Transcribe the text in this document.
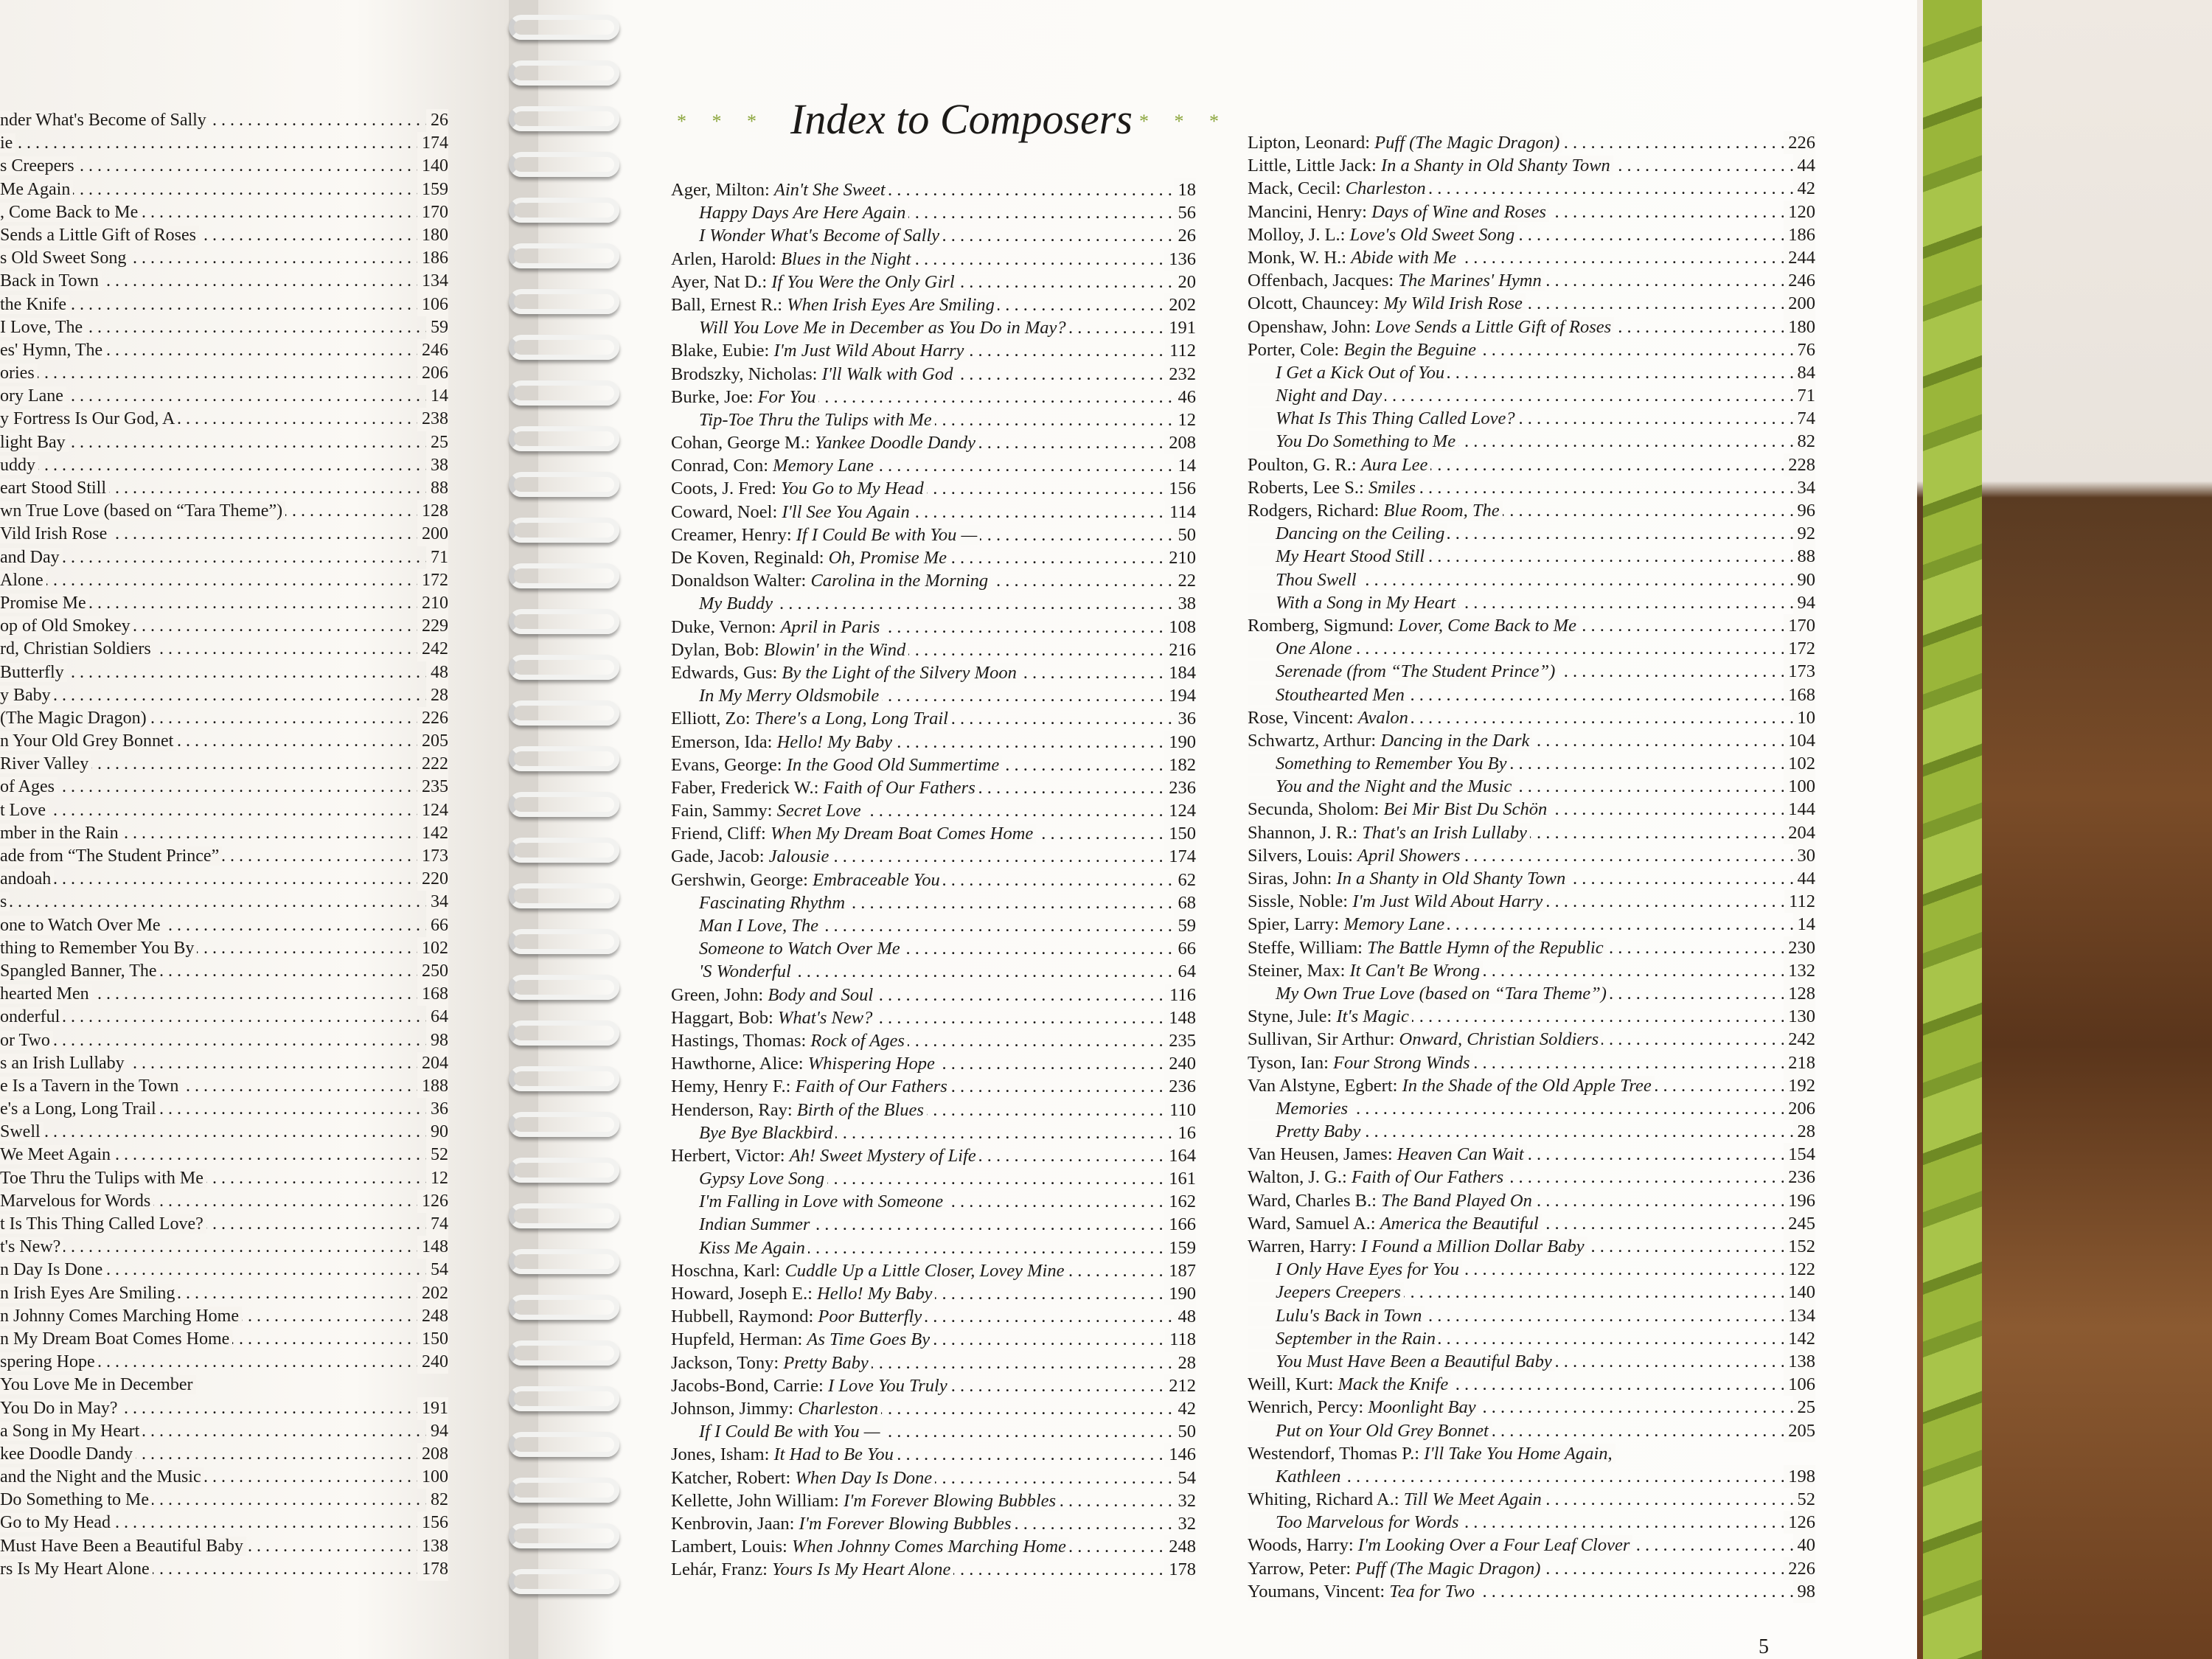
. . .
nder What's Become of Sally	26
. . .
ie	174
. . .
s Creepers	140
. . .
Me Again	159
. . .
, Come Back to Me	170
. . .
Sends a Little Gift of Roses	180
. . .
s Old Sweet Song	186
. . .
Back in Town	134
. . .
the Knife	106
. . .
I Love, The	59
. . .
es' Hymn, The	246
. . .
ories	206
. . .
ory Lane	14
. . .
y Fortress Is Our God, A	238
. . .
light Bay	25
. . .
uddy	38
. . .
eart Stood Still	88
. . .
wn True Love (based on “Tara Theme”)	128
. . .
Vild Irish Rose	200
. . .
and Day	71
. . .
Alone	172
. . .
Promise Me	210
. . .
op of Old Smokey	229
. . .
rd, Christian Soldiers	242
. . .
Butterfly	48
. . .
y Baby	28
. . .
(The Magic Dragon)	226
. . .
n Your Old Grey Bonnet	205
. . .
River Valley	222
. . .
of Ages	235
. . .
t Love	124
. . .
mber in the Rain	142
. . .
ade from “The Student Prince”	173
. . .
andoah	220
. . .
s	34
. . .
one to Watch Over Me	66
. . .
thing to Remember You By	102
. . .
Spangled Banner, The	250
. . .
hearted Men	168
. . .
onderful	64
. . .
or Two	98
. . .
s an Irish Lullaby	204
. . .
e Is a Tavern in the Town	188
. . .
e's a Long, Long Trail	36
. . .
Swell	90
. . .
We Meet Again	52
. . .
Toe Thru the Tulips with Me	12
. . .
Marvelous for Words	126
. . .
t Is This Thing Called Love?	74
. . .
t's New?	148
. . .
n Day Is Done	54
. . .
n Irish Eyes Are Smiling	202
. . .
n Johnny Comes Marching Home	248
. . .
n My Dream Boat Comes Home	150
. . .
spering Hope	240
You Love Me in December
. . .
You Do in May?	191
. . .
a Song in My Heart	94
. . .
kee Doodle Dandy	208
. . .
and the Night and the Music	100
. . .
Do Something to Me	82
. . .
Go to My Head	156
. . .
Must Have Been a Beautiful Baby	138
. . .
rs Is My Heart Alone	178
* * * Index to Composers * * *
. . .
Ager, Milton: Ain't She Sweet	18
. . .
Happy Days Are Here Again	56
. . .
I Wonder What's Become of Sally	26
. . .
Arlen, Harold: Blues in the Night	136
. . .
Ayer, Nat D.: If You Were the Only Girl	20
. . .
Ball, Ernest R.: When Irish Eyes Are Smiling	202
. . .
Will You Love Me in December as You Do in May?	191
. . .
Blake, Eubie: I'm Just Wild About Harry	112
. . .
Brodszky, Nicholas: I'll Walk with God	232
. . .
Burke, Joe: For You	46
. . .
Tip-Toe Thru the Tulips with Me	12
. . .
Cohan, George M.: Yankee Doodle Dandy	208
. . .
Conrad, Con: Memory Lane	14
. . .
Coots, J. Fred: You Go to My Head	156
. . .
Coward, Noel: I'll See You Again	114
. . .
Creamer, Henry: If I Could Be with You —	50
. . .
De Koven, Reginald: Oh, Promise Me	210
. . .
Donaldson Walter: Carolina in the Morning	22
. . .
My Buddy	38
. . .
Duke, Vernon: April in Paris	108
. . .
Dylan, Bob: Blowin' in the Wind	216
. . .
Edwards, Gus: By the Light of the Silvery Moon	184
. . .
In My Merry Oldsmobile	194
. . .
Elliott, Zo: There's a Long, Long Trail	36
. . .
Emerson, Ida: Hello! My Baby	190
. . .
Evans, George: In the Good Old Summertime	182
. . .
Faber, Frederick W.: Faith of Our Fathers	236
. . .
Fain, Sammy: Secret Love	124
. . .
Friend, Cliff: When My Dream Boat Comes Home	150
. . .
Gade, Jacob: Jalousie	174
. . .
Gershwin, George: Embraceable You	62
. . .
Fascinating Rhythm	68
. . .
Man I Love, The	59
. . .
Someone to Watch Over Me	66
. . .
'S Wonderful	64
. . .
Green, John: Body and Soul	116
. . .
Haggart, Bob: What's New?	148
. . .
Hastings, Thomas: Rock of Ages	235
. . .
Hawthorne, Alice: Whispering Hope	240
. . .
Hemy, Henry F.: Faith of Our Fathers	236
. . .
Henderson, Ray: Birth of the Blues	110
. . .
Bye Bye Blackbird	16
. . .
Herbert, Victor: Ah! Sweet Mystery of Life	164
. . .
Gypsy Love Song	161
. . .
I'm Falling in Love with Someone	162
. . .
Indian Summer	166
. . .
Kiss Me Again	159
. . .
Hoschna, Karl: Cuddle Up a Little Closer, Lovey Mine	187
. . .
Howard, Joseph E.: Hello! My Baby	190
. . .
Hubbell, Raymond: Poor Butterfly	48
. . .
Hupfeld, Herman: As Time Goes By	118
. . .
Jackson, Tony: Pretty Baby	28
. . .
Jacobs-Bond, Carrie: I Love You Truly	212
. . .
Johnson, Jimmy: Charleston	42
. . .
If I Could Be with You —	50
. . .
Jones, Isham: It Had to Be You	146
. . .
Katcher, Robert: When Day Is Done	54
. . .
Kellette, John William: I'm Forever Blowing Bubbles	32
. . .
Kenbrovin, Jaan: I'm Forever Blowing Bubbles	32
. . .
Lambert, Louis: When Johnny Comes Marching Home	248
. . .
Lehár, Franz: Yours Is My Heart Alone	178
. . .
Lipton, Leonard: Puff (The Magic Dragon)	226
. . .
Little, Little Jack: In a Shanty in Old Shanty Town	44
. . .
Mack, Cecil: Charleston	42
. . .
Mancini, Henry: Days of Wine and Roses	120
. . .
Molloy, J. L.: Love's Old Sweet Song	186
. . .
Monk, W. H.: Abide with Me	244
. . .
Offenbach, Jacques: The Marines' Hymn	246
. . .
Olcott, Chauncey: My Wild Irish Rose	200
. . .
Openshaw, John: Love Sends a Little Gift of Roses	180
. . .
Porter, Cole: Begin the Beguine	76
. . .
I Get a Kick Out of You	84
. . .
Night and Day	71
. . .
What Is This Thing Called Love?	74
. . .
You Do Something to Me	82
. . .
Poulton, G. R.: Aura Lee	228
. . .
Roberts, Lee S.: Smiles	34
. . .
Rodgers, Richard: Blue Room, The	96
. . .
Dancing on the Ceiling	92
. . .
My Heart Stood Still	88
. . .
Thou Swell	90
. . .
With a Song in My Heart	94
. . .
Romberg, Sigmund: Lover, Come Back to Me	170
. . .
One Alone	172
. . .
Serenade (from “The Student Prince”)	173
. . .
Stouthearted Men	168
. . .
Rose, Vincent: Avalon	10
. . .
Schwartz, Arthur: Dancing in the Dark	104
. . .
Something to Remember You By	102
. . .
You and the Night and the Music	100
. . .
Secunda, Sholom: Bei Mir Bist Du Schön	144
. . .
Shannon, J. R.: That's an Irish Lullaby	204
. . .
Silvers, Louis: April Showers	30
. . .
Siras, John: In a Shanty in Old Shanty Town	44
. . .
Sissle, Noble: I'm Just Wild About Harry	112
. . .
Spier, Larry: Memory Lane	14
. . .
Steffe, William: The Battle Hymn of the Republic	230
. . .
Steiner, Max: It Can't Be Wrong	132
. . .
My Own True Love (based on “Tara Theme”)	128
. . .
Styne, Jule: It's Magic	130
. . .
Sullivan, Sir Arthur: Onward, Christian Soldiers	242
. . .
Tyson, Ian: Four Strong Winds	218
. . .
Van Alstyne, Egbert: In the Shade of the Old Apple Tree	192
. . .
Memories	206
. . .
Pretty Baby	28
. . .
Van Heusen, James: Heaven Can Wait	154
. . .
Walton, J. G.: Faith of Our Fathers	236
. . .
Ward, Charles B.: The Band Played On	196
. . .
Ward, Samuel A.: America the Beautiful	245
. . .
Warren, Harry: I Found a Million Dollar Baby	152
. . .
I Only Have Eyes for You	122
. . .
Jeepers Creepers	140
. . .
Lulu's Back in Town	134
. . .
September in the Rain	142
. . .
You Must Have Been a Beautiful Baby	138
. . .
Weill, Kurt: Mack the Knife	106
. . .
Wenrich, Percy: Moonlight Bay	25
. . .
Put on Your Old Grey Bonnet	205
Westendorf, Thomas P.: I'll Take You Home Again,
. . .
Kathleen	198
. . .
Whiting, Richard A.: Till We Meet Again	52
. . .
Too Marvelous for Words	126
. . .
Woods, Harry: I'm Looking Over a Four Leaf Clover	40
. . .
Yarrow, Peter: Puff (The Magic Dragon)	226
. . .
Youmans, Vincent: Tea for Two	98
5
